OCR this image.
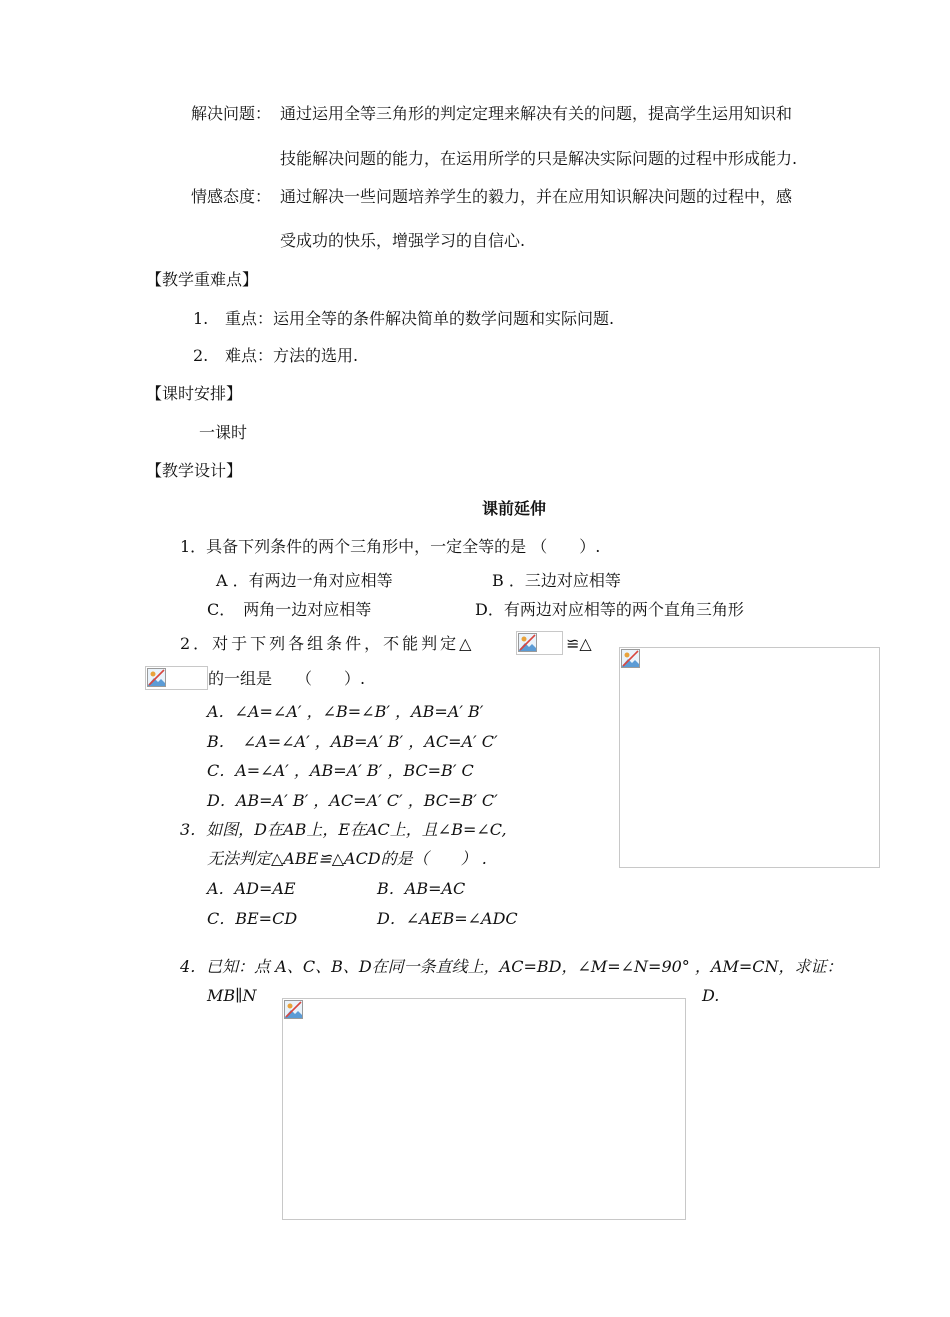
解决问题： 通过运用全等三角形的判定定理来解决有关的问题，提高学生运用知识和
技能解决问题的能力，在运用所学的只是解决实际问题的过程中形成能力.
情感态度： 通过解决一些问题培养学生的毅力，并在应用知识解决问题的过程中，感
受成功的快乐，增强学习的自信心.
【教学重难点】
1. 重点：运用全等的条件解决简单的数学问题和实际问题.
2. 难点：方法的选用.
【课时安排】
一课时
【教学设计】
课前延伸
1．具备下列条件的两个三角形中，一定全等的是 （　　）.
A ．有两边一角对应相等	B ．三边对应相等
C．　两角一边对应相等	D．有两边对应相等的两个直角三角形
2．对于下列各组条件，不能判定△	≌△
的一组是　　（　　）.
A．∠A=∠A′ ，∠B=∠B′ ，AB=A′ B′
B．　∠A=∠A′ ，AB=A′ B′ ，AC=A′ C′
C．A=∠A′ ，AB=A′ B′ ，BC=B′ C
D．AB=A′ B′ ，AC=A′ C′ ，BC=B′ C′
3．如图，D在AB上，E在AC上，且∠B=∠C,
无法判定△ABE≌△ACD的是（　　） .
A．AD=AE	B．AB=AC
C．BE=CD	D．∠AEB=∠ADC
4．已知：点 A、C、B、D在同一条直线上，AC=BD，∠M=∠N=90° ，AM=CN，求证：
MB∥N	D.
